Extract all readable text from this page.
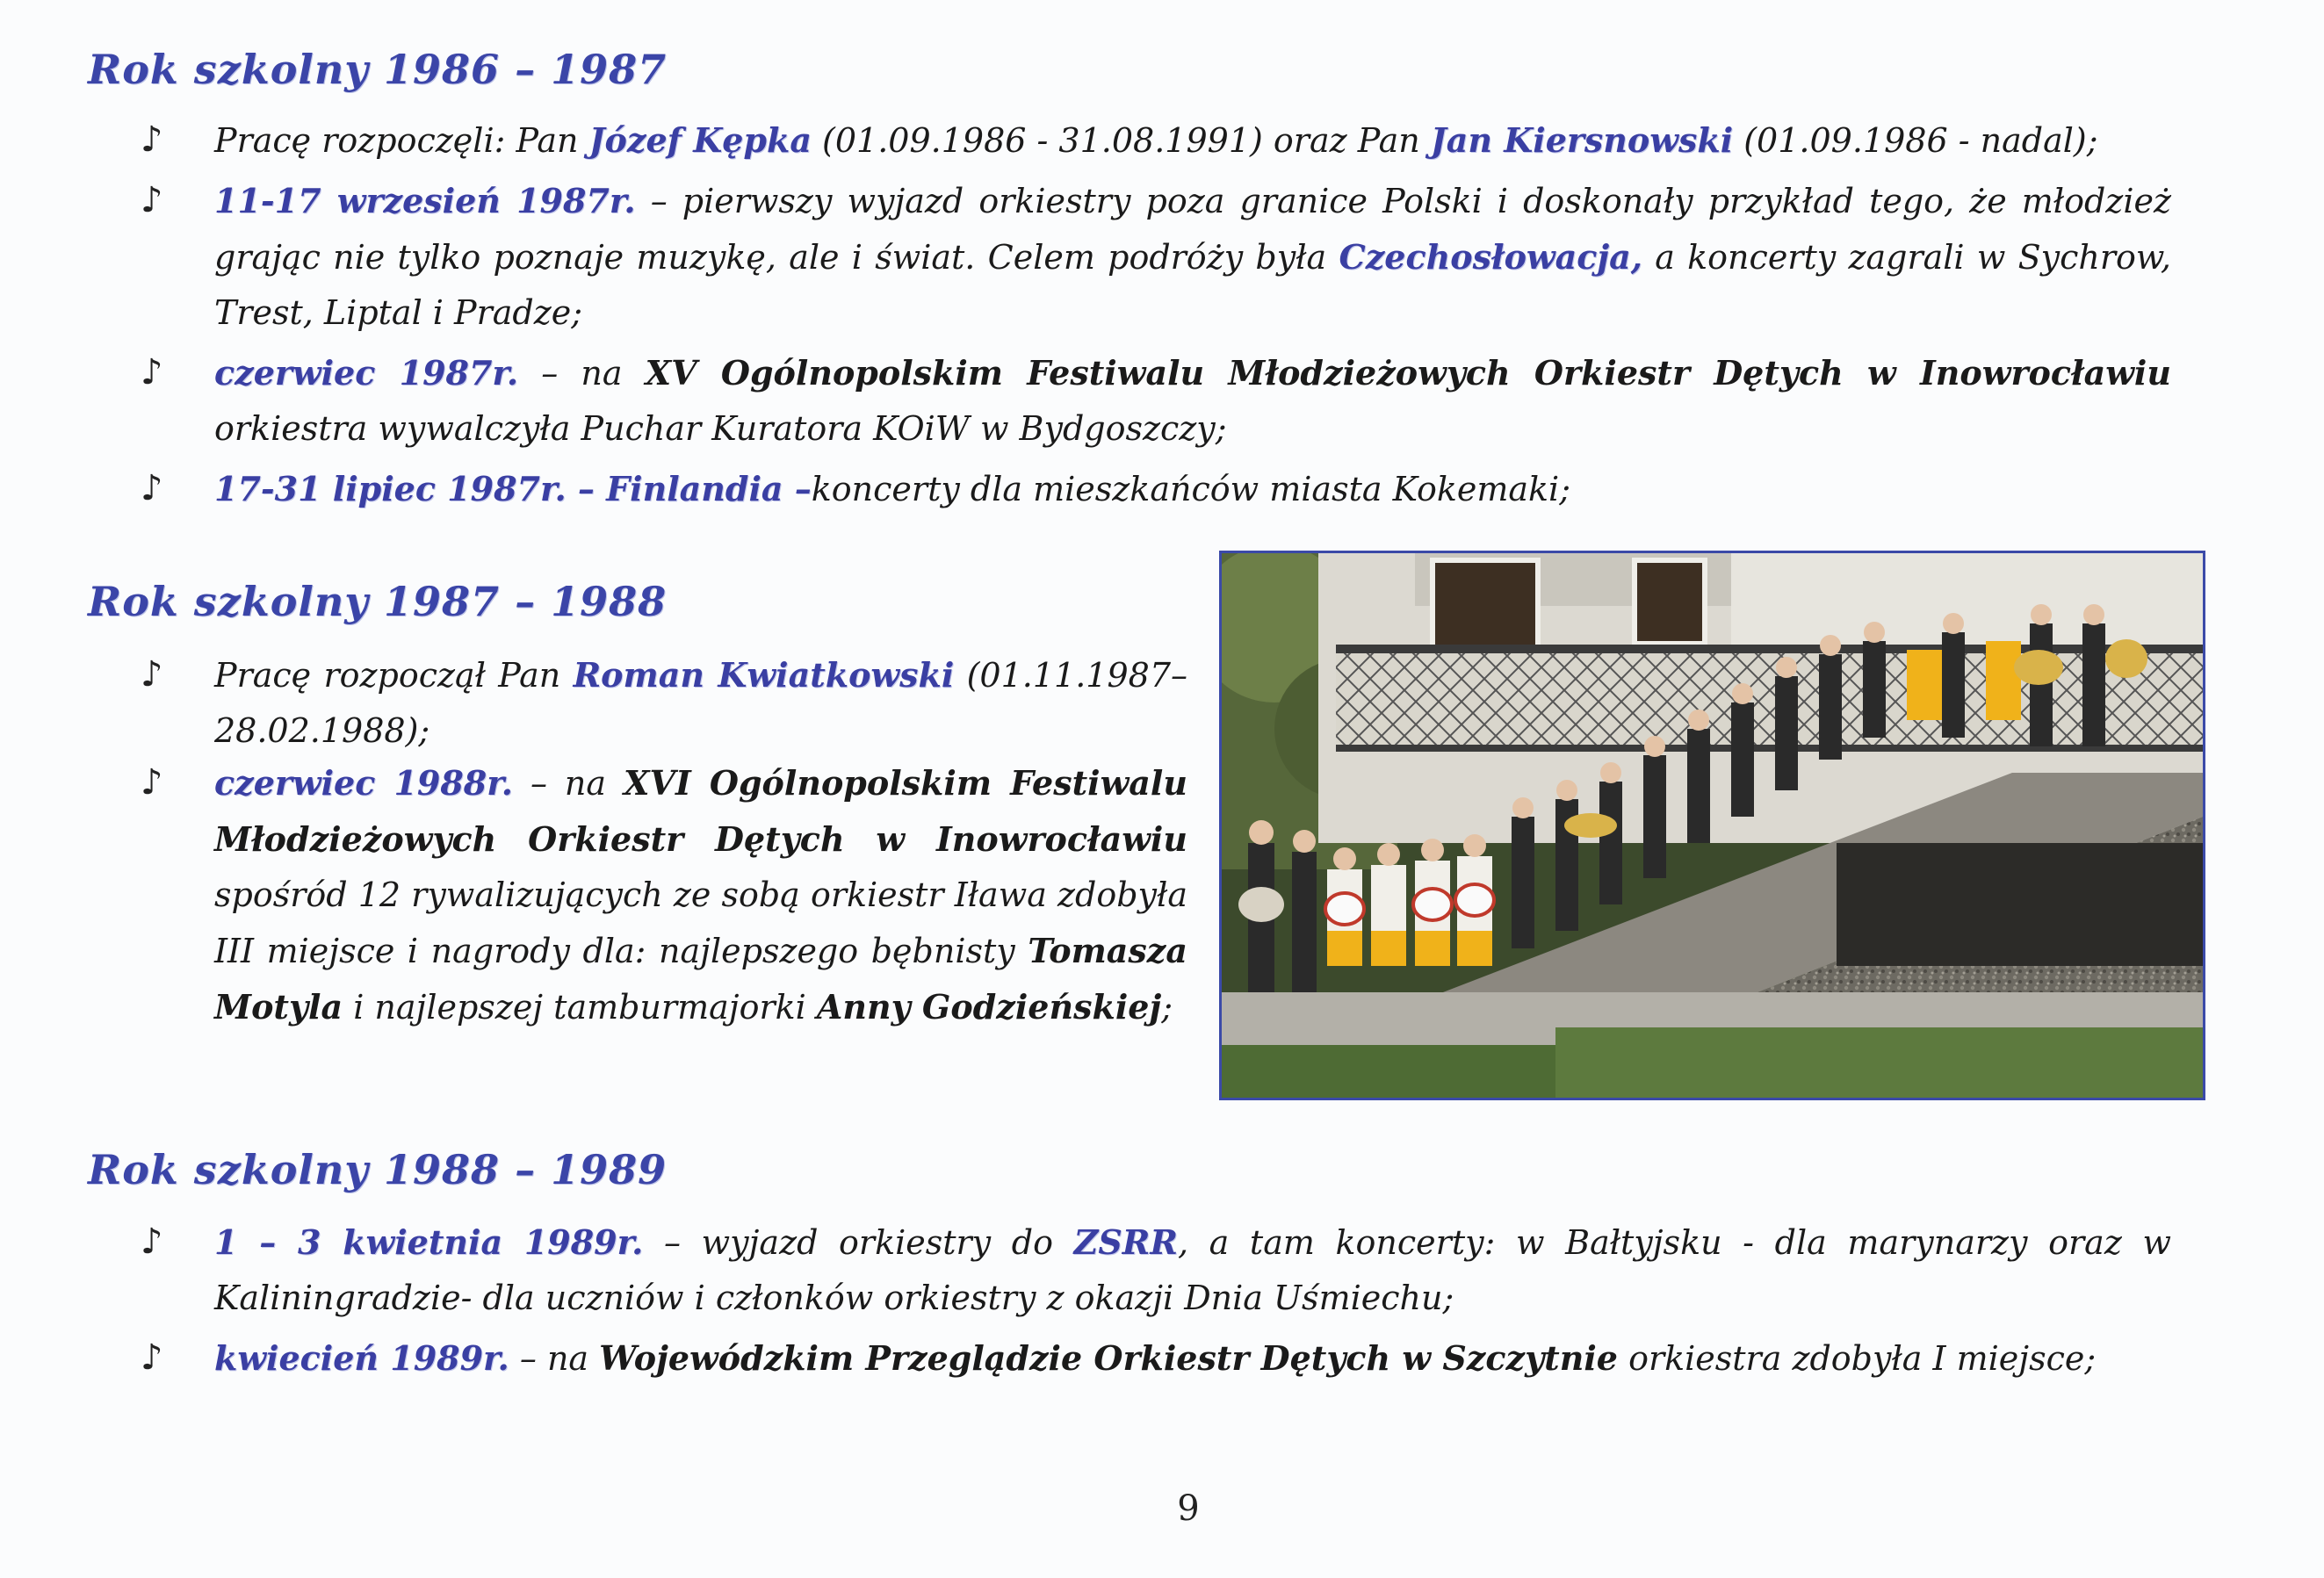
Rok szkolny 1986 – 1987
♪ Pracę rozpoczęli: Pan Józef Kępka (01.09.1986 - 31.08.1991) oraz Pan Jan Kiersnowski (01.09.1986 - nadal);
♪ 11-17 wrzesień 1987r. – pierwszy wyjazd orkiestry poza granice Polski i doskonały przykład tego, że młodzież grając nie tylko poznaje muzykę, ale i świat. Celem podróży była Czechosłowacja, a koncerty zagrali w Sychrow, Trest, Liptal i Pradze;
♪ czerwiec 1987r. – na XV Ogólnopolskim Festiwalu Młodzieżowych Orkiestr Dętych w Inowrocławiu orkiestra wywalczyła Puchar Kuratora KOiW w Bydgoszczy;
♪ 17-31 lipiec 1987r. – Finlandia –koncerty dla mieszkańców miasta Kokemaki;
Rok szkolny 1987 – 1988
♪ Pracę rozpoczął Pan Roman Kwiatkowski (01.11.1987– 28.02.1988);
♪ czerwiec 1988r. – na XVI Ogólnopolskim Festiwalu Młodzieżowych Orkiestr Dętych w Inowrocławiu spośród 12 rywalizujących ze sobą orkiestr Iława zdobyła III miejsce i nagrody dla: najlepszego bębnisty Tomasza Motyla i najlepszej tamburmajorki Anny Godzieńskiej;
Rok szkolny 1988 – 1989
♪ 1 – 3 kwietnia 1989r. – wyjazd orkiestry do ZSRR, a tam koncerty: w Bałtyjsku - dla marynarzy oraz w Kaliningradzie- dla uczniów i członków orkiestry z okazji Dnia Uśmiechu;
♪ kwiecień 1989r. – na Wojewódzkim Przeglądzie Orkiestr Dętych w Szczytnie orkiestra zdobyła I miejsce;
9
